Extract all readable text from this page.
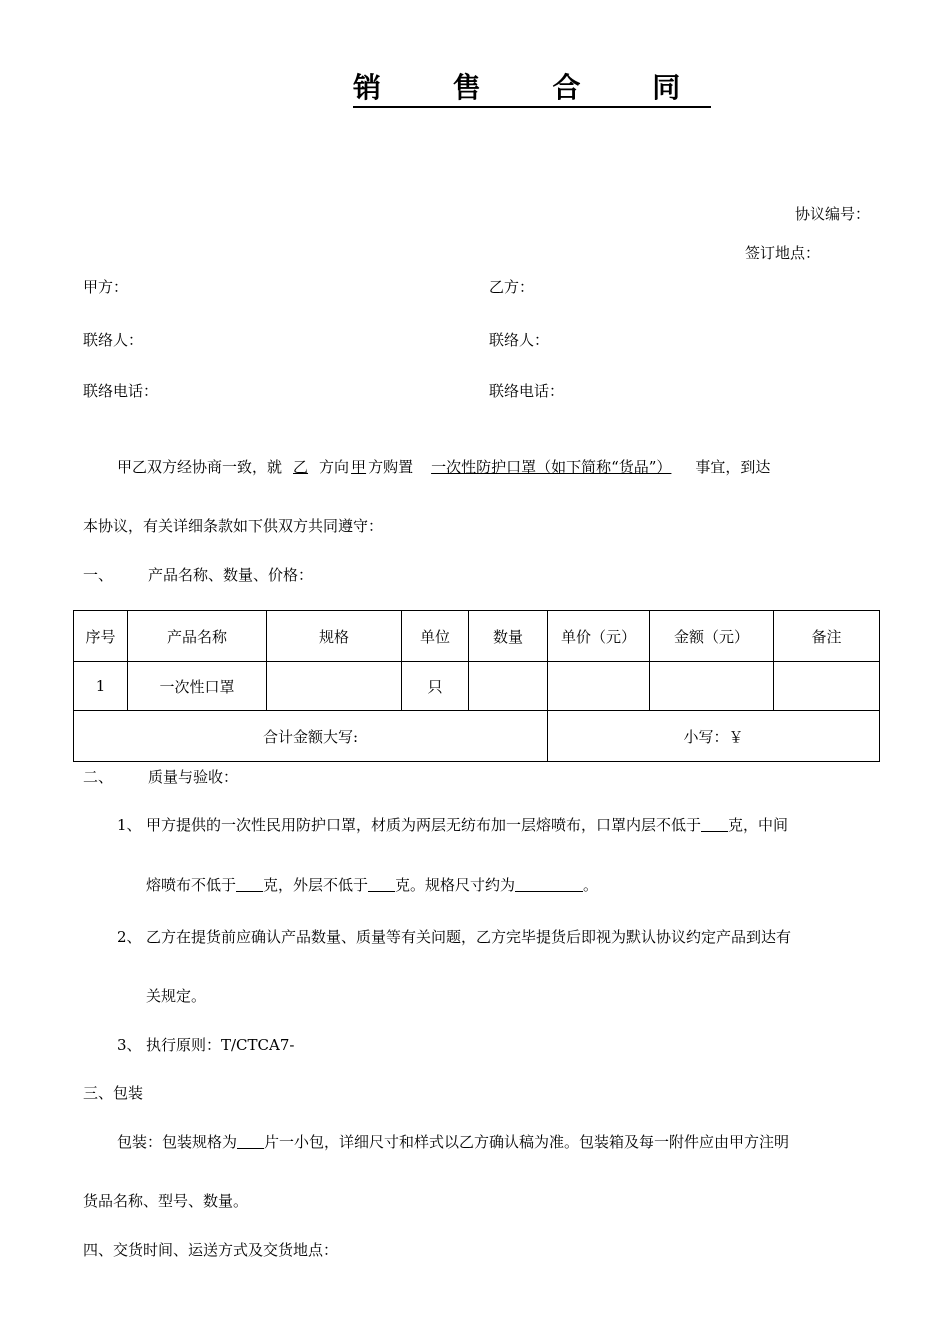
销 售 合 同
协议编号：
签订地点：
甲方：	乙方：
联络人：	联络人：
联络电话：	联络电话：
甲乙双方经协商一致，就 乙 方向 甲 方购置 一次性防护口罩（如下简称“货品”） 事宜，到达
本协议，有关详细条款如下供双方共同遵守：
一、 产品名称、数量、价格：
序号	产品名称	规格	单位	数量	单价（元）	金额（元）	备注
1	一次性口罩		只				
合计金额大写:					小写：￥		
二、 质量与验收：
1、 甲方提供的一次性民用防护口罩，材质为两层无纺布加一层熔喷布，口罩内层不低于 克，中间
熔喷布不低于 克，外层不低于 克。规格尺寸约为	。
2、 乙方在提货前应确认产品数量、质量等有关问题，乙方完毕提货后即视为默认协议约定产品到达有
关规定。
3、 执行原则：T/CTCA7-
三、包装
包装：包装规格为 片一小包，详细尺寸和样式以乙方确认稿为准。包装箱及每一附件应由甲方注明
货品名称、型号、数量。
四、交货时间、运送方式及交货地点：
